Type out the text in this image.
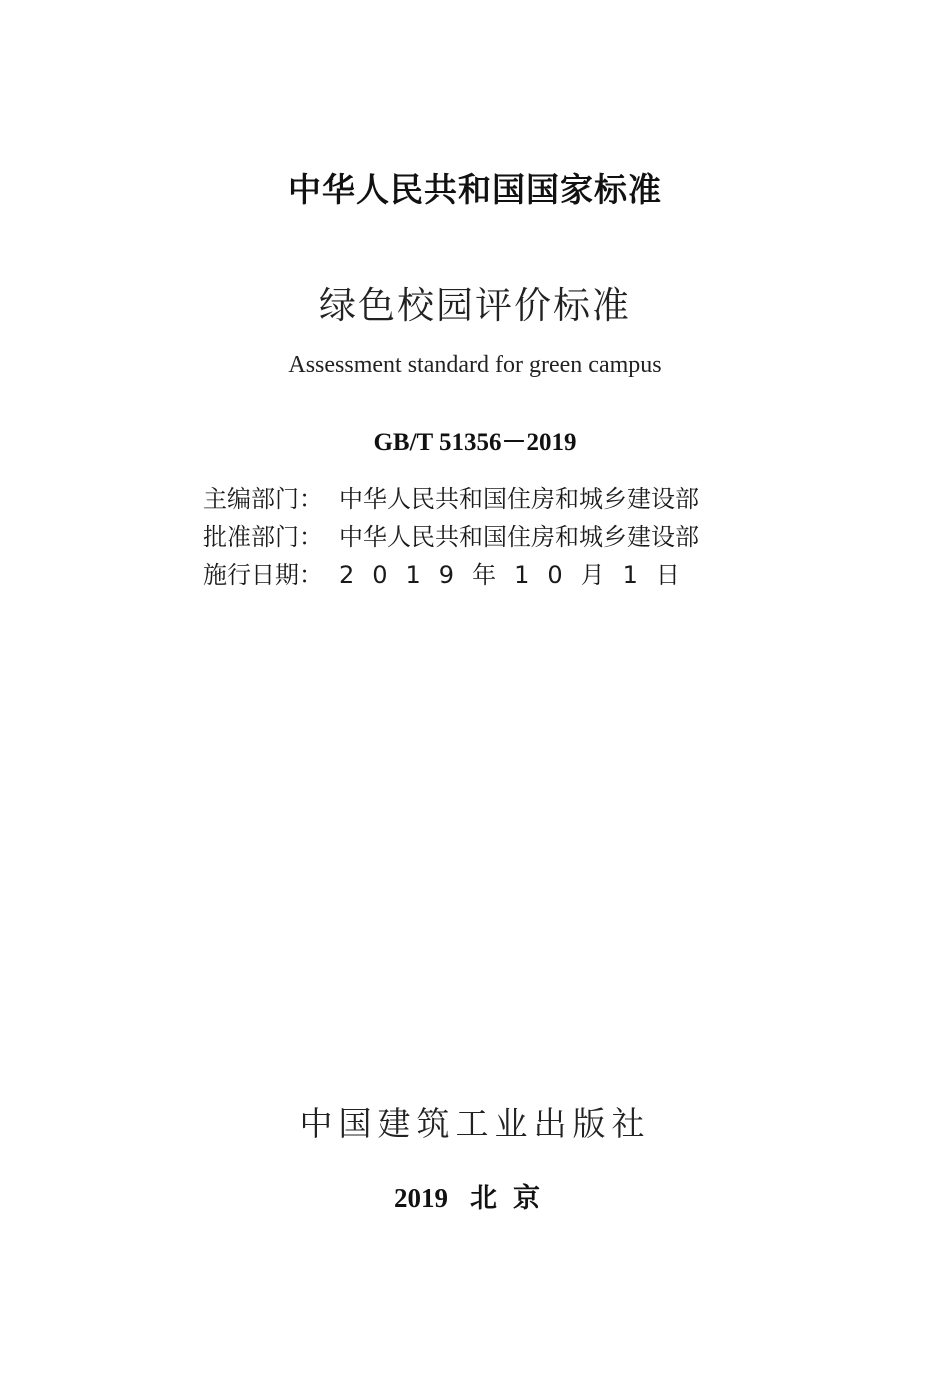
中华人民共和国国家标准
绿色校园评价标准
Assessment standard for green campus
GB/T 51356－2019
主编部门： 中华人民共和国住房和城乡建设部
批准部门： 中华人民共和国住房和城乡建设部
施行日期： 2019年10月1日
中国建筑工业出版社
2019 北京
